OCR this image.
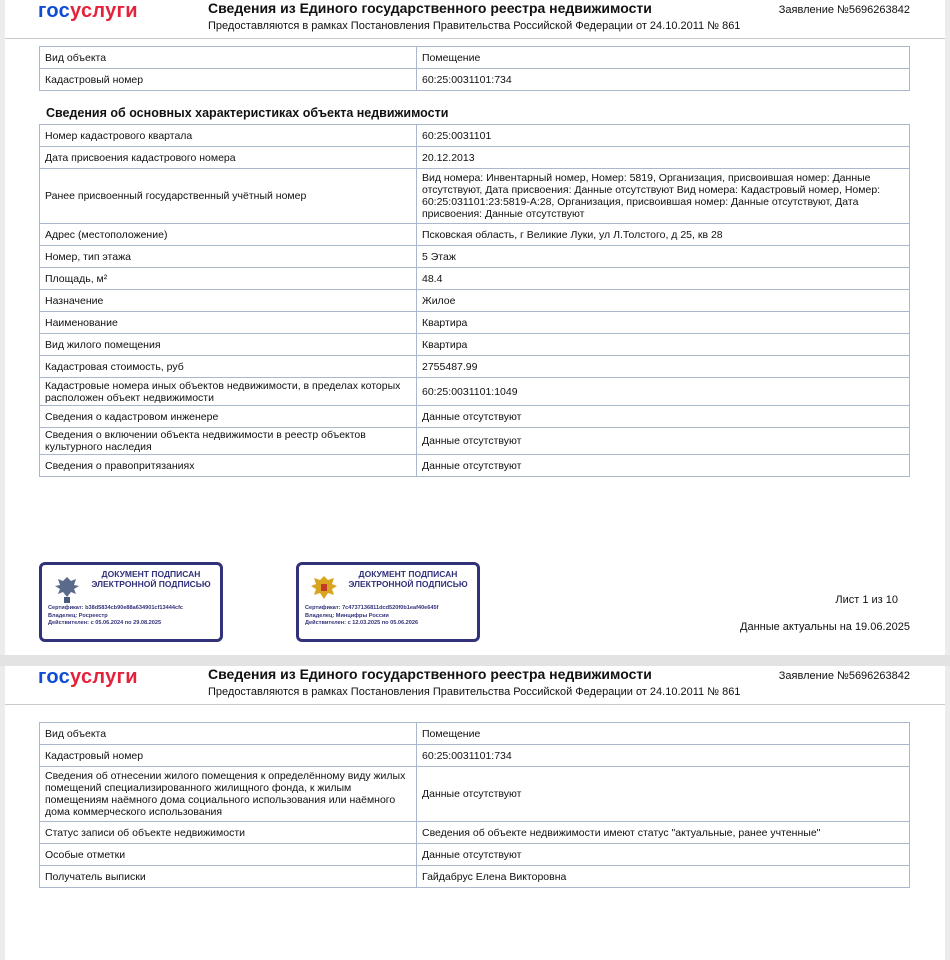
госуслуги	Сведения из Единого государственного реестра недвижимости
Предоставляются в рамках Постановления Правительства Российской Федерации от 24.10.2011 № 861
Заявление №5696263842
Вид объекта	Помещение
Кадастровый номер	60:25:0031101:734
Сведения об основных характеристиках объекта недвижимости
Номер кадастрового квартала	60:25:0031101
Дата присвоения кадастрового номера	20.12.2013
Ранее присвоенный государственный учётный номер	Вид номера: Инвентарный номер, Номер: 5819, Организация, присвоившая номер: Данные отсутствуют, Дата присвоения: Данные отсутствуют Вид номера: Кадастровый номер, Номер: 60:25:031101:23:5819-А:28, Организация, присвоившая номер: Данные отсутствуют, Дата присвоения: Данные отсутствуют
Адрес (местоположение)	Псковская область, г Великие Луки, ул Л.Толстого, д 25, кв 28
Номер, тип этажа	5 Этаж
Площадь, м²	48.4
Назначение	Жилое
Наименование	Квартира
Вид жилого помещения	Квартира
Кадастровая стоимость, руб	2755487.99
Кадастровые номера иных объектов недвижимости, в пределах которых расположен объект недвижимости	60:25:0031101:1049
Сведения о кадастровом инженере	Данные отсутствуют
Сведения о включении объекта недвижимости в реестр объектов культурного наследия	Данные отсутствуют
Сведения о правопритязаниях	Данные отсутствуют
ДОКУМЕНТ ПОДПИСАН ЭЛЕКТРОННОЙ ПОДПИСЬЮ
Сертификат: b38d5834cb90e88a634901cf13444cfc
Владелец: Росреестр
Действителен: с 05.06.2024 по 29.08.2025
ДОКУМЕНТ ПОДПИСАН ЭЛЕКТРОННОЙ ПОДПИСЬЮ
Сертификат: 7c4737136811dcd520f0b1eaf40e645f
Владелец: Минцифры России
Действителен: с 12.03.2025 по 05.06.2026
Лист 1 из 10
Данные актуальны на 19.06.2025
госуслуги	Сведения из Единого государственного реестра недвижимости
Предоставляются в рамках Постановления Правительства Российской Федерации от 24.10.2011 № 861
Заявление №5696263842
Вид объекта	Помещение
Кадастровый номер	60:25:0031101:734
Сведения об отнесении жилого помещения к определённому виду жилых помещений специализированного жилищного фонда, к жилым помещениям наёмного дома социального использования или наёмного дома коммерческого использования	Данные отсутствуют
Статус записи об объекте недвижимости	Сведения об объекте недвижимости имеют статус "актуальные, ранее учтенные"
Особые отметки	Данные отсутствуют
Получатель выписки	Гайдабрус Елена Викторовна
